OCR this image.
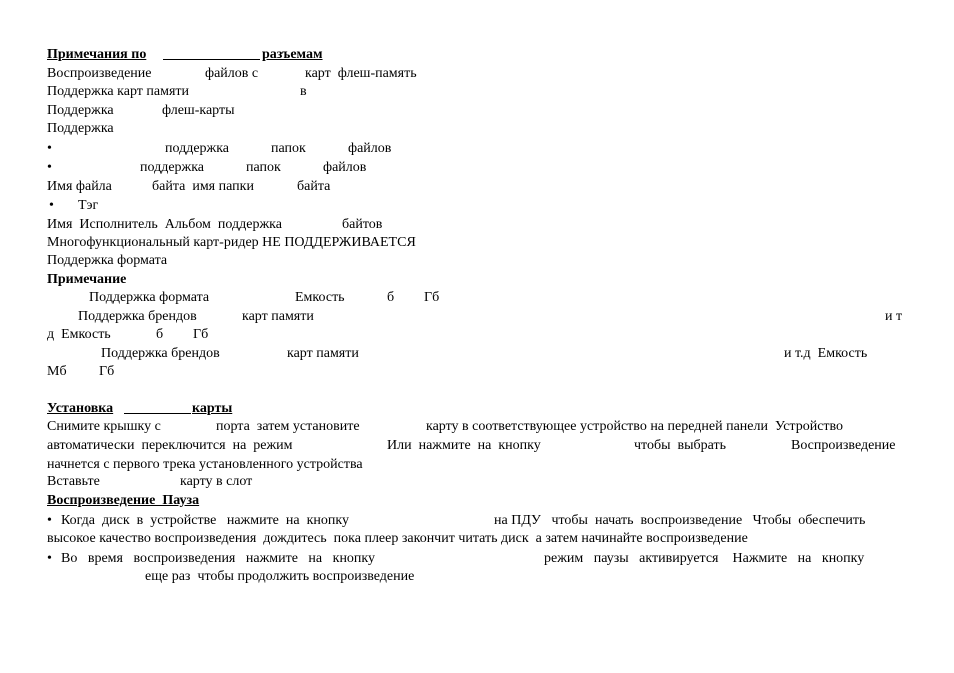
Примечания по
	разъемам
Воспроизведение	файлов с	карт  флеш-память
Поддержка карт памяти	в
Поддержка	флеш-карты
Поддержка
•	поддержка	папок	файлов
•	поддержка	папок	файлов
Имя файла	байта  имя папки	байта
• Тэг
Имя  Исполнитель  Альбом  поддержка	байтов
Многофункциональный карт-ридер НЕ ПОДДЕРЖИВАЕТСЯ
Поддержка формата
Примечание
Поддержка формата	Емкость	б Гб
Поддержка брендов	карт памяти	и т
д  Емкость	б Гб
Поддержка брендов	карт памяти	и т.д  Емкость
Мб Гб
Установка
	карты
Снимите крышку с	порта  затем установите	карту в соответствующее устройство на передней панели  Устройство
автоматически  переключится  на  режим	Или  нажмите  на  кнопку	чтобы  выбрать	Воспроизведение
начнется с первого трека установленного устройства
Вставьте	карту в слот
Воспроизведение  Пауза
• Когда  диск  в  устройстве   нажмите  на  кнопку	на ПДУ   чтобы  начать  воспроизведение   Чтобы  обеспечить
высокое качество воспроизведения  дождитесь  пока плеер закончит читать диск  а затем начинайте воспроизведение
• Во   время   воспроизведения   нажмите   на   кнопку	режим   паузы   активируется    Нажмите   на   кнопку
еще раз  чтобы продолжить воспроизведение
